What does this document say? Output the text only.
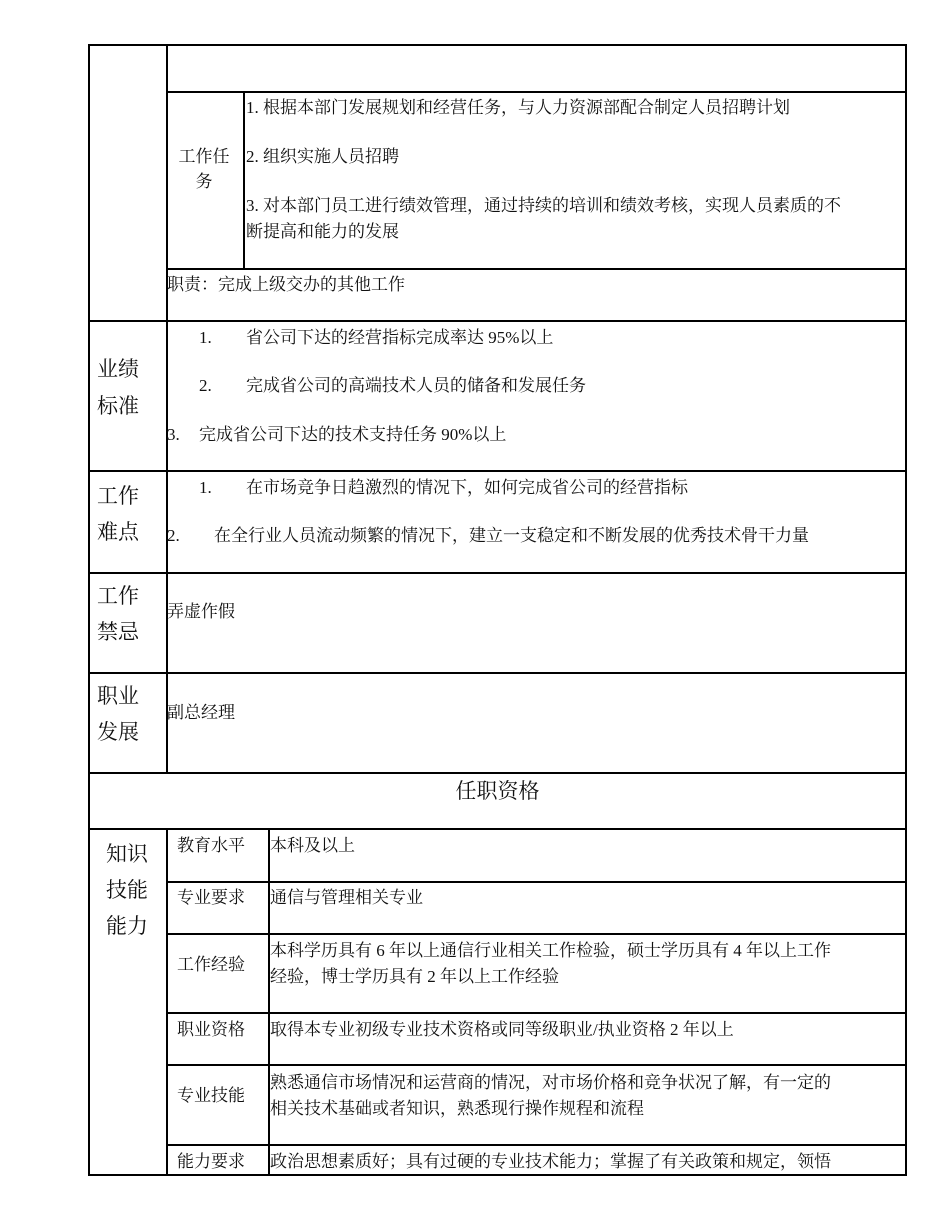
工作任务
1. 根据本部门发展规划和经营任务，与人力资源部配合制定人员招聘计划
2. 组织实施人员招聘
3. 对本部门员工进行绩效管理，通过持续的培训和绩效考核，实现人员素质的不
断提高和能力的发展
职责：完成上级交办的其他工作
业绩
标准
1. 省公司下达的经营指标完成率达 95%以上
2. 完成省公司的高端技术人员的储备和发展任务
3. 完成省公司下达的技术支持任务 90%以上
工作
难点
1. 在市场竞争日趋激烈的情况下，如何完成省公司的经营指标
2. 在全行业人员流动频繁的情况下，建立一支稳定和不断发展的优秀技术骨干力量
工作
禁忌
弄虚作假
职业
发展
副总经理
任职资格
知识
技能
能力
教育水平 本科及以上
专业要求 通信与管理相关专业
工作经验
本科学历具有 6 年以上通信行业相关工作检验，硕士学历具有 4 年以上工作
经验，博士学历具有 2 年以上工作经验
职业资格 取得本专业初级专业技术资格或同等级职业/执业资格 2 年以上
专业技能
熟悉通信市场情况和运营商的情况，对市场价格和竞争状况了解，有一定的
相关技术基础或者知识，熟悉现行操作规程和流程
能力要求 政治思想素质好；具有过硬的专业技术能力；掌握了有关政策和规定，领悟
